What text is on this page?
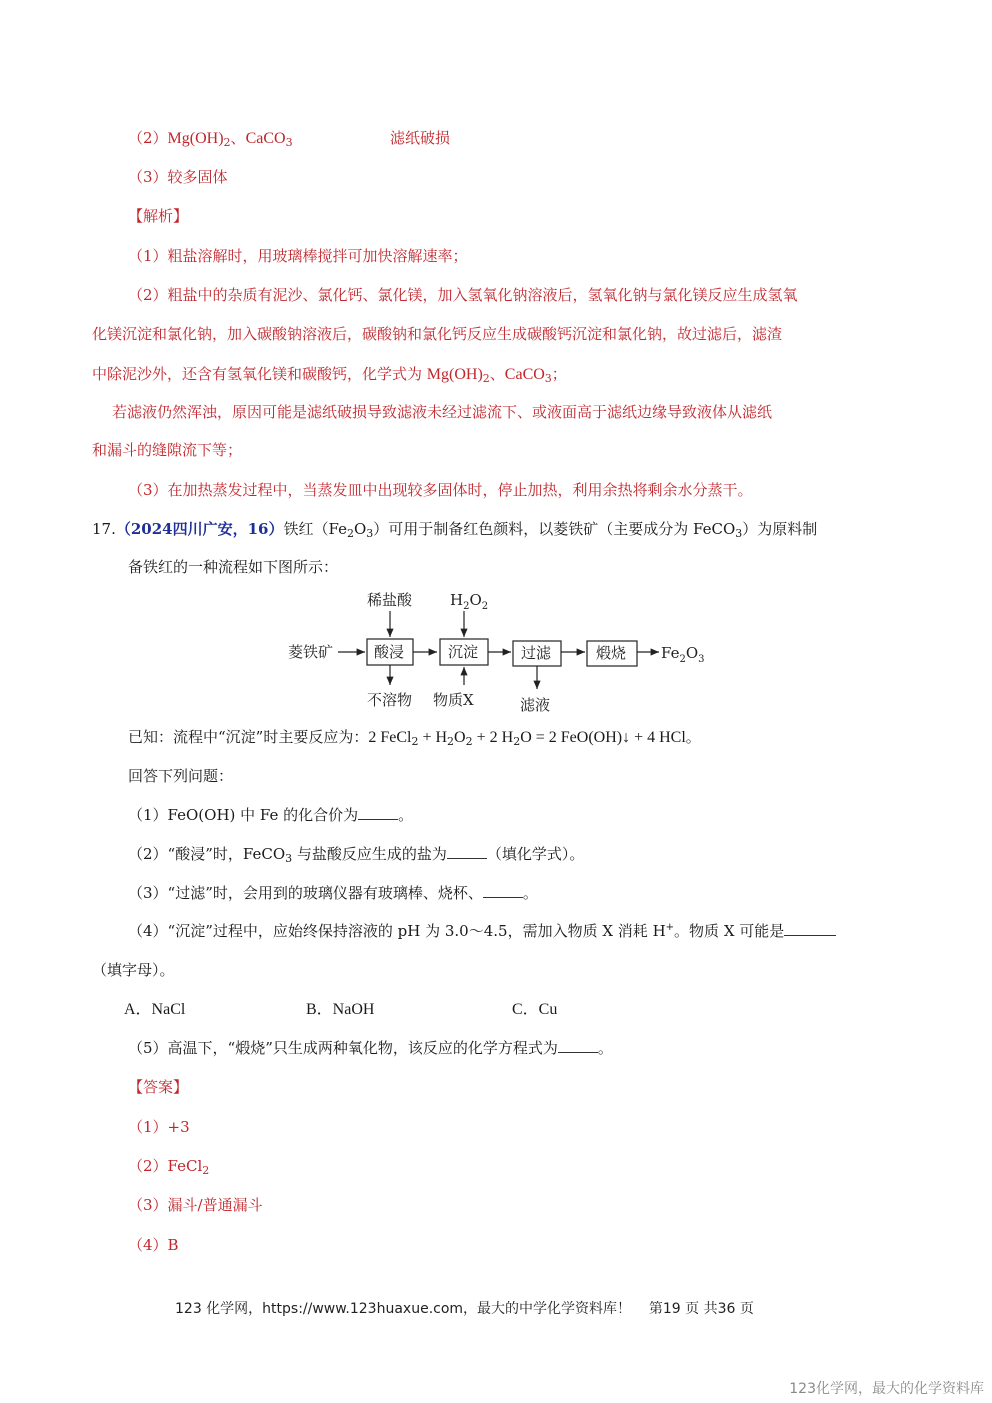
$(2)Mg(OH)_2$、CaCO$_3$	滤纸破损
（3）较多固体
【解析】
（1）粗盐溶解时，用玻璃棒搅拌可加快溶解速率；
（2）粗盐中的杂质有泥沙、氯化钙、氯化镁，加入氢氧化钠溶液后，氢氧化钠与氯化镁反应生成氢氧
化镁沉淀和氯化钠，加入碳酸钠溶液后，碳酸钠和氯化钙反应生成碳酸钙沉淀和氯化钠，故过滤后，滤渣
中除泥沙外，还含有氢氧化镁和碳酸钙，化学式为 $Mg(OH)_2$、CaCO$_3$；
若滤液仍然浑浊，原因可能是滤纸破损导致滤液未经过滤流下、或液面高于滤纸边缘导致液体从滤纸
和漏斗的缝隙流下等；
（3）在加热蒸发过程中，当蒸发皿中出现较多固体时，停止加热，利用余热将剩余水分蒸干。
17.（2024四川广安，16）铁红$(Fe_2O_3)$可用于制备红色颜料，以菱铁矿（主要成分为 FeCO$_3$）为原料制
备铁红的一种流程如下图所示：
菱铁矿	酸浸
稀盐酸
不溶物
沉淀
$H_2O_2$
物质X
过滤
滤液
煅烧 $Fe_2O_3$
已知：流程中“沉淀”时主要反应为：2 FeCl$_2$ + $H_2O_2 + 2$ $H_2O = 2$ FeO(OH)↓ + 4 HCl。
回答下列问题：
（1）FeO(OH) 中 Fe 的化合价为	。
（2）“酸浸”时，FeCO$_3$ 与盐酸反应生成的盐为	（填化学式）。
（3）“过滤”时，会用到的玻璃仪器有玻璃棒、烧杯、	。
（4）“沉淀”过程中，应始终保持溶液的 pH 为 3.0～4.5，需加入物质 X 消耗 H+。物质 X 可能是
（填字母）。
A．NaCl	B．NaOH	C．Cu
（5）高温下，“煅烧”只生成两种氧化物，该反应的化学方程式为	。
【答案】
（1）+3
（2）FeCl$_2$
（3）漏斗/普通漏斗
（4）B
123 化学网，https://www.123huaxue.com，最大的中学化学资料库！ 第19 页 共36 页
123化学网，最大的化学资料库
